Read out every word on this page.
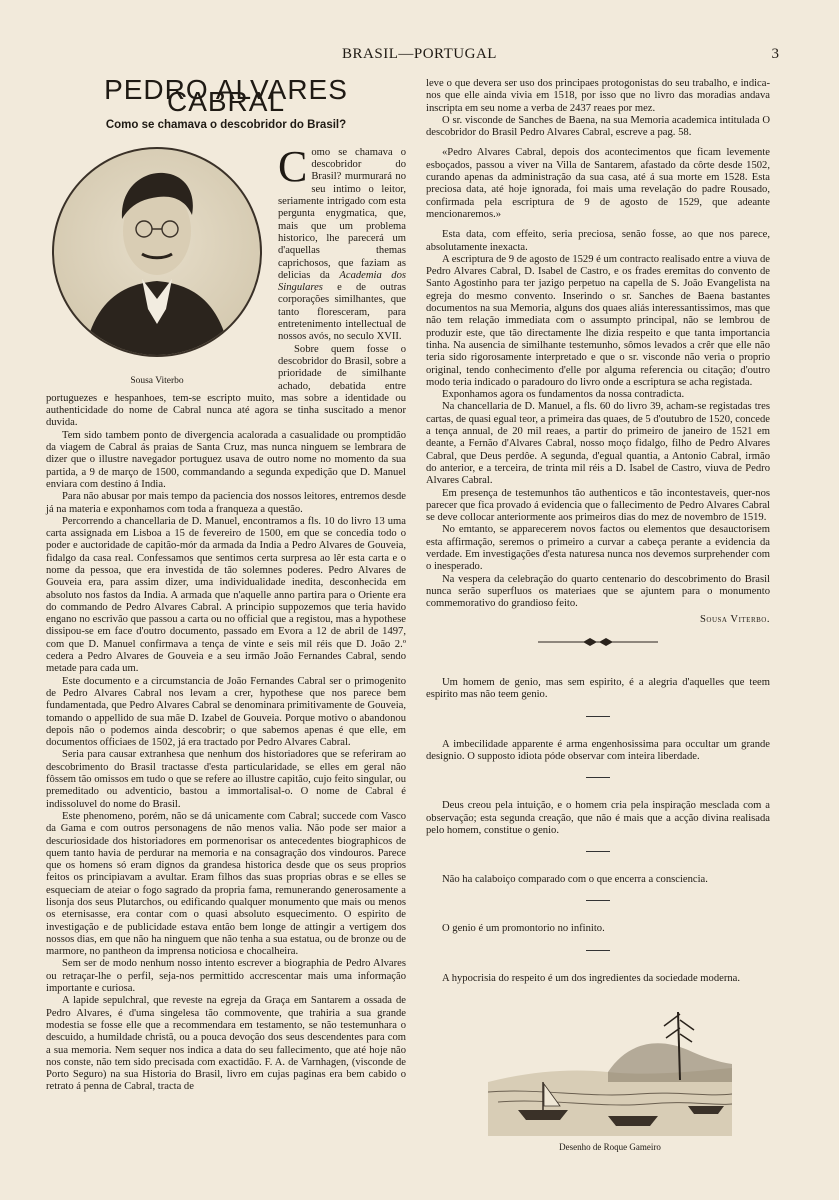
BRASIL—PORTUGAL	3
PEDRO ALVARES CABRAL
Como se chamava o descobridor do Brasil?
Sousa Viterbo

Como se chamava o descobridor do Brasil? murmurará no seu intimo o leitor, seriamente intrigado com esta pergunta enygmatica, que, mais que um problema historico, lhe parecerá um d'aquellas themas caprichosos, que faziam as delicias da Academia dos Singulares e de outras corporações similhantes, que tanto floresceram, para entretenimento intellectual de nossos avós, no seculo XVII.

Sobre quem fosse o descobridor do Brasil, sobre a prioridade de similhante achado, debatida entre portuguezes e hespanhoes, tem-se escripto muito, mas sobre a identidade ou authenticidade do nome de Cabral nunca até agora se tinha suscitado a menor duvida.

Tem sido tambem ponto de divergencia acalorada a casualidade ou promptidão da viagem de Cabral ás praias de Santa Cruz, mas nunca ninguem se lembrara de dizer que o illustre navegador portuguez usava de outro nome no momento da sua partida, a 9 de março de 1500, commandando a segunda expedição que D. Manuel enviara com destino á India.

Para não abusar por mais tempo da paciencia dos nossos leitores, entremos desde já na materia e exponhamos com toda a franqueza a questão.

Percorrendo a chancellaria de D. Manuel, encontramos a fls. 10 do livro 13 uma carta assignada em Lisboa a 15 de fevereiro de 1500, em que se concedia todo o poder e auctoridade de capitão-mór da armada da India a Pedro Alvares de Gouveia, fidalgo da casa real. Confessamos que sentimos certa surpresa ao lêr esta carta e o nome da pessoa, que era investida de tão solemnes poderes. Pedro Alvares de Gouveia era, para assim dizer, uma individualidade inedita, desconhecida em absoluto nos fastos da India. A armada que n'aquelle anno partira para o Oriente era do commando de Pedro Alvares Cabral. A principio suppozemos que teria havido engano no escrivão que passou a carta ou no official que a registou, mas a hypothese dissipou-se em face d'outro documento, passado em Evora a 12 de abril de 1497, com que D. Manuel confirmava a tença de vinte e seis mil réis que D. João 2.º cedera a Pedro Alvares de Gouveia e a seu irmão João Fernandes Cabral, sendo metade para cada um.

Este documento e a circumstancia de João Fernandes Cabral ser o primogenito de Pedro Alvares Cabral nos levam a crer, hypothese que nos parece bem fundamentada, que Pedro Alvares Cabral se denominara primitivamente de Gouveia, tomando o appellido de sua mãe D. Izabel de Gouveia. Porque motivo o abandonou depois não o podemos ainda descobrir; o que sabemos apenas é que elle, em documentos officiaes de 1502, já era tractado por Pedro Alvares Cabral.

Seria para causar extranhesa que nenhum dos historiadores que se referiram ao descobrimento do Brasil tractasse d'esta particularidade, se elles em geral não fôssem tão omissos em tudo o que se refere ao illustre capitão, cujo feito singular, ou premeditado ou adventicio, bastou a immortalisal-o. O nome de Cabral é indissoluvel do nome do Brasil.

Este phenomeno, porém, não se dá unicamente com Cabral; succede com Vasco da Gama e com outros personagens de não menos valia. Não pode ser maior a descuriosidade dos historiadores em pormenorisar os antecedentes biographicos de quem tanto havia de perdurar na memoria e na consagração dos vindouros. Parece que os homens só eram dignos da grandesa historica desde que os seus proprios feitos os principiavam a avultar. Eram filhos das suas proprias obras e se elles se esqueciam de ateiar o fogo sagrado da propria fama, remunerando generosamente a lisonja dos seus Plutarchos, ou edificando qualquer monumento que mais ou menos os eternisasse, era contar com o quasi absoluto esquecimento. O espirito de investigação e de publicidade estava então bem longe de attingir a vertigem dos nossos dias, em que não ha ninguem que não tenha a sua estatua, ou de bronze ou de marmore, no pantheon da imprensa noticiosa e chocalheira.

Sem ser de modo nenhum nosso intento escrever a biographia de Pedro Alvares ou retraçar-lhe o perfil, seja-nos permittido accrescentar mais uma informação importante e curiosa.

A lapide sepulchral, que reveste na egreja da Graça em Santarem a ossada de Pedro Alvares, é d'uma singelesa tão commovente, que trahiria a sua grande modestia se fosse elle que a recommendara em testamento, se não testemunhara o descuido, a humildade christã, ou a pouca devoção dos seus descendentes para com a sua memoria. Nem sequer nos indica a data do seu fallecimento, que até hoje não nos conste, não tem sido precisada com exactidão. F. A. de Varnhagen, (visconde de Porto Seguro) na sua Historia do Brasil, livro em cujas paginas era bem cabido o retrato á penna de Cabral, tracta de

leve o que devera ser uso dos principaes protogonistas do seu trabalho, e indica-nos que elle ainda vivia em 1518, por isso que no livro das moradias andava inscripta em seu nome a verba de 2437 reaes por mez.

O sr. visconde de Sanches de Baena, na sua Memoria academica intitulada O descobridor do Brasil Pedro Alvares Cabral, escreve a pag. 58.

«Pedro Alvares Cabral, depois dos acontecimentos que ficam levemente esboçados, passou a viver na Villa de Santarem, afastado da côrte desde 1502, curando apenas da administração da sua casa, até á sua morte em 1528. Esta preciosa data, até hoje ignorada, foi mais uma revelação do padre Rousado, confirmada pela escriptura de 9 de agosto de 1529, que adeante mencionaremos.»

Esta data, com effeito, seria preciosa, senão fosse, ao que nos parece, absolutamente inexacta.

A escriptura de 9 de agosto de 1529 é um contracto realisado entre a viuva de Pedro Alvares Cabral, D. Isabel de Castro, e os frades eremitas do convento de Santo Agostinho para ter jazigo perpetuo na capella de S. João Evangelista na egreja do mesmo convento. Inserindo o sr. Sanches de Baena bastantes documentos na sua Memoria, alguns dos quaes aliás interessantissimos, mas que não tem relação immediata com o assumpto principal, não se lembrou de produzir este, que tão directamente lhe dizia respeito e que tanta importancia tinha. Na ausencia de similhante testemunho, sômos levados a crêr que elle não teria sido rigorosamente interpretado e que o sr. visconde não veria o proprio original, tendo conhecimento d'elle por alguma referencia ou citação; d'outro modo teria indicado o paradouro do livro onde a escriptura se acha registada.

Exponhamos agora os fundamentos da nossa contradicta.

Na chancellaria de D. Manuel, a fls. 60 do livro 39, acham-se registadas tres cartas, de quasi egual teor, a primeira das quaes, de 5 d'outubro de 1520, concede a tença annual, de 20 mil reaes, a partir do primeiro de janeiro de 1521 em deante, a Fernão d'Alvares Cabral, nosso moço fidalgo, filho de Pedro Alvares Cabral, que Deus perdôe. A segunda, d'egual quantia, a Antonio Cabral, irmão do anterior, e a terceira, de trinta mil réis a D. Isabel de Castro, viuva de Pedro Alvares Cabral.

Em presença de testemunhos tão authenticos e tão incontestaveis, quer-nos parecer que fica provado á evidencia que o fallecimento de Pedro Alvares Cabral se deve collocar anteriormente aos primeiros dias do mez de novembro de 1519.

No emtanto, se apparecerem novos factos ou elementos que desauctorisem esta affirmação, seremos o primeiro a curvar a cabeça perante a evidencia da verdade. Em investigações d'esta naturesa nunca nos devemos surprehender com o inesperado.

Na vespera da celebração do quarto centenario do descobrimento do Brasil nunca serão superfluos os materiaes que se ajuntem para o monumento commemorativo do grandioso feito.

Sousa Viterbo.

Um homem de genio, mas sem espirito, é a alegria d'aquelles que teem espirito mas não teem genio.

A imbecilidade apparente é arma engenhosissima para occultar um grande designio. O supposto idiota póde observar com inteira liberdade.

Deus creou pela intuição, e o homem cria pela inspiração mesclada com a observação; esta segunda creação, que não é mais que a acção divina realisada pelo homem, constitue o genio.

Não ha calaboiço comparado com o que encerra a consciencia.

O genio é um promontorio no infinito.

A hypocrisia do respeito é um dos ingredientes da sociedade moderna.

Desenho de Roque Gameiro
